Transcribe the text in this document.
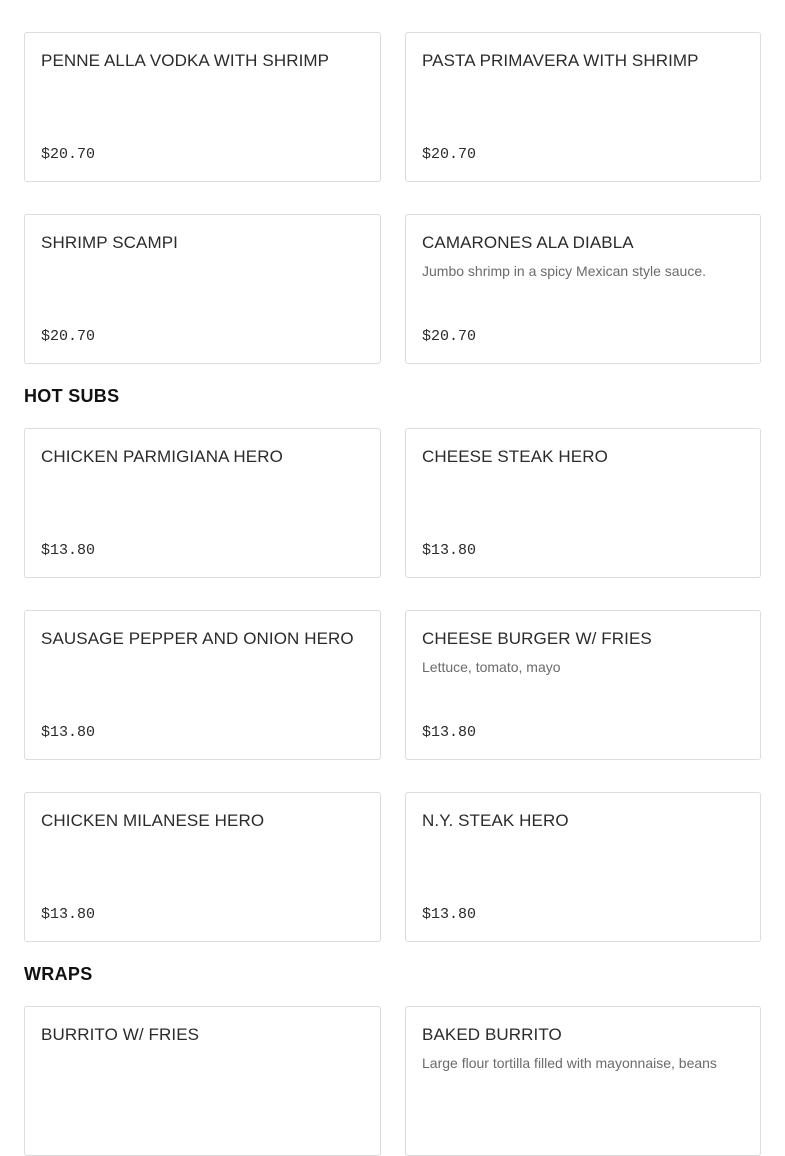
PENNE ALLA VODKA WITH SHRIMP
$20.70
PASTA PRIMAVERA WITH SHRIMP
$20.70
SHRIMP SCAMPI
$20.70
CAMARONES ALA DIABLA
Jumbo shrimp in a spicy Mexican style sauce.
$20.70
HOT SUBS
CHICKEN PARMIGIANA HERO
$13.80
CHEESE STEAK HERO
$13.80
SAUSAGE PEPPER AND ONION HERO
$13.80
CHEESE BURGER W/ FRIES
Lettuce, tomato, mayo
$13.80
CHICKEN MILANESE HERO
$13.80
N.Y. STEAK HERO
$13.80
WRAPS
BURRITO W/ FRIES	BAKED BURRITO
Large flour tortilla filled with mayonnaise, beans
